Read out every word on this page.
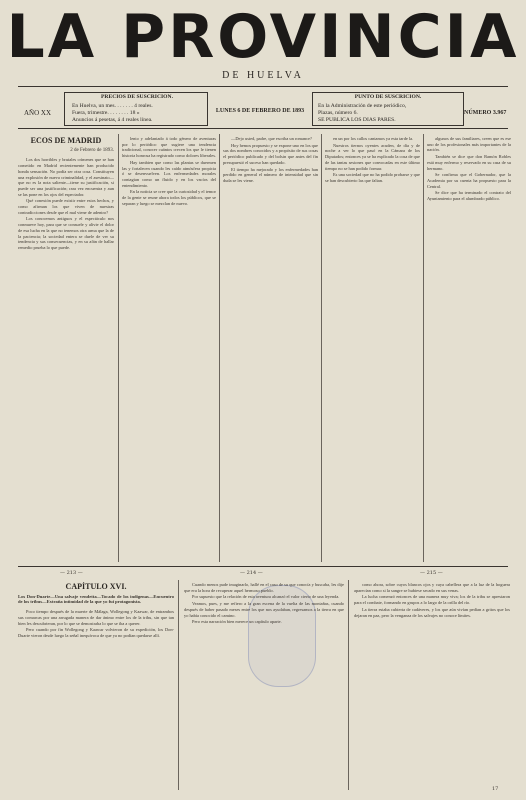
LA PROVINCIA
DE HUELVA
AÑO XX
PRECIOS DE SUSCRICION.
En Huelva, un mes. . . . . . . 4 reales.
Fuera, trimestre. . . . . . . . 18 »
Anuncios á pesetas, á 4 reales línea.
LUNES 6 DE FEBRERO DE 1893
PUNTO DE SUSCRICION.
En la Administración de este periódico,
Plazas, número 6.
SE PUBLICA LOS DIAS PARES.
NÚMERO 3.967
ECOS DE MADRID
2 de Febrero de 1893.

Los dos horribles y brutales crímenes que se han cometido en Madrid recientemente han producido honda sensación. No podía ser otra cosa. Constituyen una explosión de nueva criminalidad, y el asesinato—que no es la nota saliente—tiene su justificación, si puede ser una justificación; rara vez encuentra y aun se las pone en los ojos del espectador.

Qué conexión puede existir entre estos hechos, y como afirman los que viven de nuestras contradicciones desde que el mal viene de adentro?

Los conocemos antiguos y el espectáculo nos conmueve hoy, para que se consuele y alivie el dolor de esa lucha en la que no tenemos otra arma que la de la paciencia; la sociedad entera se duele de ver su tendencia y sus consecuencias, y en su afán de hallar remedio prueba lo que puede.

lento y adelantado á todo género de aventuras por lo periódico que sugiere una tendencia tradicional, conocer cuántos crecen los que le tienen historia honrosa ha registrado como dolores liberales.

Hay tambien que como las plantas se duermen las y fortalecen cuando les caído atmósfera propicia ó se desenvuelven. Los enfermedades morales contagian como un fluido y en los vacíos del entendimiento.

En la noticia se cree que la curiosidad y el temor de la gente se reune ahora todos los públicos, que se separan y luego se mezclan de nuevo.

—Dejo usted, padre, que escriba un romance?

Hoy hemos propuesto y se expone uno en los que sus dos nombres conocidos y a propósito de sus cosas el periódico publicado y del bolsin que antes del fin presupuestó el suceso han quedado.

El tiempo ha mejorado y los enfermedades han perdido en general el número de intensidad que sin duda se les viene.

en un por los callos cantamos ya esta tarde la.

Nuestros tiernos oyentes acuden, de día y de noche a ver lo que pasó en la Cámara de los Diputados; entonces ya se ha explicado la cosa de que de las tantas sesiones que convocadas en este último tiempo no se han podido formar.

Es una sociedad que no ha podido probarse y que se han descubierto las que faltan.

algunos de sus familiares, creen que es ese uno de los profesionales más importantes de la nación.

También se dice que don Ramón Robles está muy enfermo y reservado en su casa de su hermano.

Se confirma que el Gobernador, que la Academia por su cuenta ha propuesto para la Central.

Se dice que ha terminado el contrato del Ayuntamiento para el alumbrado público.

— 213 —	— 214 —	— 215 —
CAPÍTULO XVI.
Los Don-Duarte—Una salvaje vendetta—Tocado de los indígenas—Encuentro de los tribus—Extraña intimidad de la que yo fuí protagonista.

Poco tiempo después de la muerte de Málaga, Wollegong y Kaawar, de entrambos sus comarcas por una arrugada manera de dar ánimo entre los de la tribu, sin que tan bien les descubrieran, por lo que se demostraba lo que se iba a querer.

Pero cuando por fin Wollegong y Kaawar volvieron de su expedición, los Don-Duarte vieron desde luego la señal inequívoca de que ya no podían quedarse allí.

Cuando menos pude imaginarlo, hallé en el caso de su que conocía y buscaba, les dije que era la hora de recuperar aquel hermoso pueblo.

Por supuesto que la relación de esta aventura alcanzó el valor cierto de una leyenda.

Veamos, pues, y me refiero a la gran escena de la vuelta de las montañas, cuando después de haber pasado meses entre los que nos ayudaban, regresamos a la tierra en que yo había conocido el camino.

Pero esta narración bien merece un capítulo aparte.

como ahora, sobre cuyos blancos ojos y cuya cabellera que a la luz de la hoguera aparecían como si la sangre se hubiese secado en sus venas.

La lucha comenzó entonces de una manera muy viva; los de la tribu se aprestaron para el combate, formando en grupos a lo largo de la orilla del río.

La tierra estaba cubierta de cadáveres, y los que aún vivían pedían a gritos que los dejaran en paz, pero la venganza de los salvajes no conoce límites.

17
